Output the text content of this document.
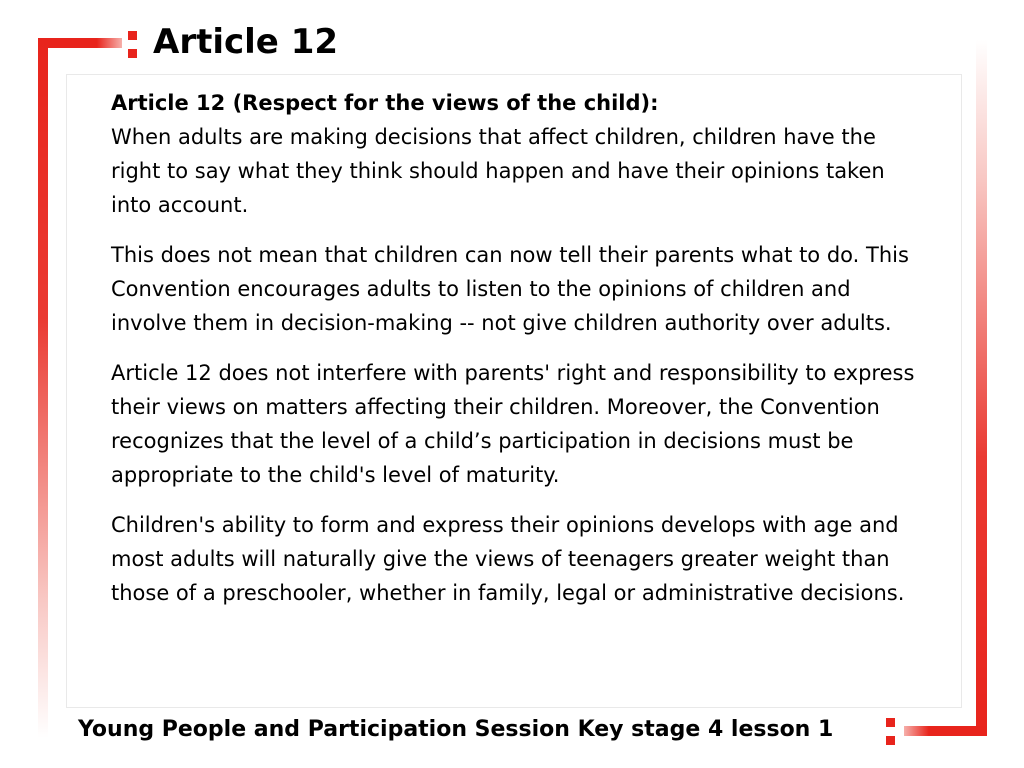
Article 12

Article 12 (Respect for the views of the child):
When adults are making decisions that affect children, children have the right to say what they think should happen and have their opinions taken into account.

This does not mean that children can now tell their parents what to do. This Convention encourages adults to listen to the opinions of children and involve them in decision-making -- not give children authority over adults.

Article 12 does not interfere with parents' right and responsibility to express their views on matters affecting their children. Moreover, the Convention recognizes that the level of a child’s participation in decisions must be appropriate to the child's level of maturity.

Children's ability to form and express their opinions develops with age and most adults will naturally give the views of teenagers greater weight than those of a preschooler, whether in family, legal or administrative decisions.

Young People and Participation Session Key stage 4 lesson 1
